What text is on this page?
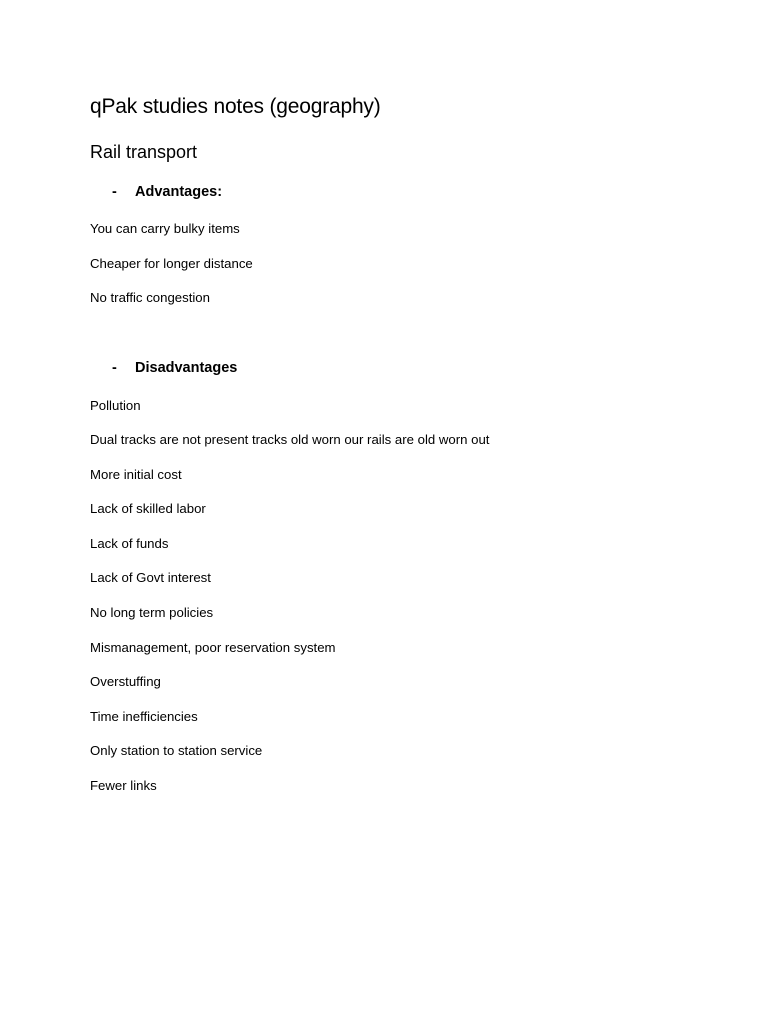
qPak studies notes (geography)
Rail transport
- Advantages:
You can carry bulky items
Cheaper for longer distance
No traffic congestion
- Disadvantages
Pollution
Dual tracks are not present tracks old worn our rails are old worn out
More initial cost
Lack of skilled labor
Lack of funds
Lack of Govt interest
No long term policies
Mismanagement, poor reservation system
Overstuffing
Time inefficiencies
Only station to station service
Fewer links
